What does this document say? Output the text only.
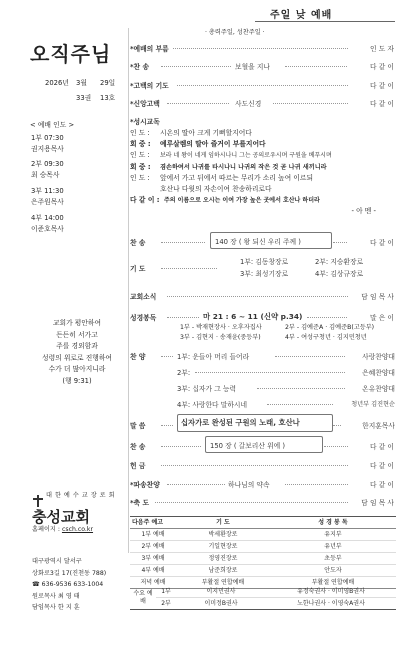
오직주님
2026년 3월 29일
33권 13호
< 예배 인도 >
1부 07:30
권지용목사
2부 09:30
최 승목사
3부 11:30
은주원목사
4부 14:00
이준호목사
교회가 평안하여
든든히 서가고
주를 경외함과
성령의 위로로 진행하여
수가 더 많아지니라
(행 9:31)
대 한 예 수 교 장 로 회
충성교회
홈페이지 : csch.co.kr
대구광역시 달서구
상화로3길 17(진천동 788)
☎ 636-9536 633-1004
원로목사 최 영 태
담임목사 한 지 훈
주일 낮 예배
· 총력주일, 성찬주일 ·
*예배의 부름	인 도 자
*찬 송	보혈을 지나	다 같 이
*고백의 기도	다 같 이
*신앙고백	사도신경	다 같 이
*성시교독
인 도 : 시온의 딸아 크게 기뻐할지어다
회 중 : 예루살렘의 딸아 즐거이 부를지어다
인 도 : 보라 네 왕이 네게 임하시나니 그는 공의로우시며 구원을 베푸시며
회 중 : 겸손하여서 나귀를 타시나니 나귀의 작은 것 곧 나귀 새끼니라
인 도 : 앞에서 가고 뒤에서 따르는 무리가 소리 높여 이르되
호산나 다윗의 자손이여 찬송하리로다
다 같 이 : 주의 이름으로 오시는 이여 가장 높은 곳에서 호산나 하더라
- 아 멘 -
찬 송	140 장 ( 왕 되신 우리 주께 )	다 같 이
기 도
1부: 김동창장로	2부: 지승환장로
3부: 최성기장로	4부: 김상규장로
교회소식	담 임 목 사
성경봉독	마 21 : 6 ~ 11 (신약 p.34)	말 은 이
1부 - 박재현장사 · 오후자집사	2부 - 김예준A · 김예준B(고등부)
3부 - 김현지 · 송재윤(중등부)	4부 - 여성구청년 · 김지민청년
찬 양	1부: 운들아 머리 들어라	사랑찬양대
2부:	은혜찬양대
3부: 십자가 그 능력	온유찬양대
4부: 사랑한다 말하시네	청년부 김진현순
말 씀	십자가로 완성된 구원의 노래, 호산나	한지훈목사
찬 송	150 장 ( 갈보리산 위에 )	다 같 이
헌 금	다 같 이
*파송찬양	하나님의 약속	다 같 이
*축 도	담 임 목 사
다음주 예고	기 도	성 경 봉 독
1부 예배	박세환장로	유지부
2부 예배	기일현장로	유년부
3부 예배	정영진장로	초등부
4부 예배	남준희장로	안도자
저녁 예배	부활절 연합예배	부활절 연합예배
수요 예배	1부	이지민권사	유정숙권사 · 이미영B권사
	2부	이미정B권사	노한나권사 · 이영숙A권사
